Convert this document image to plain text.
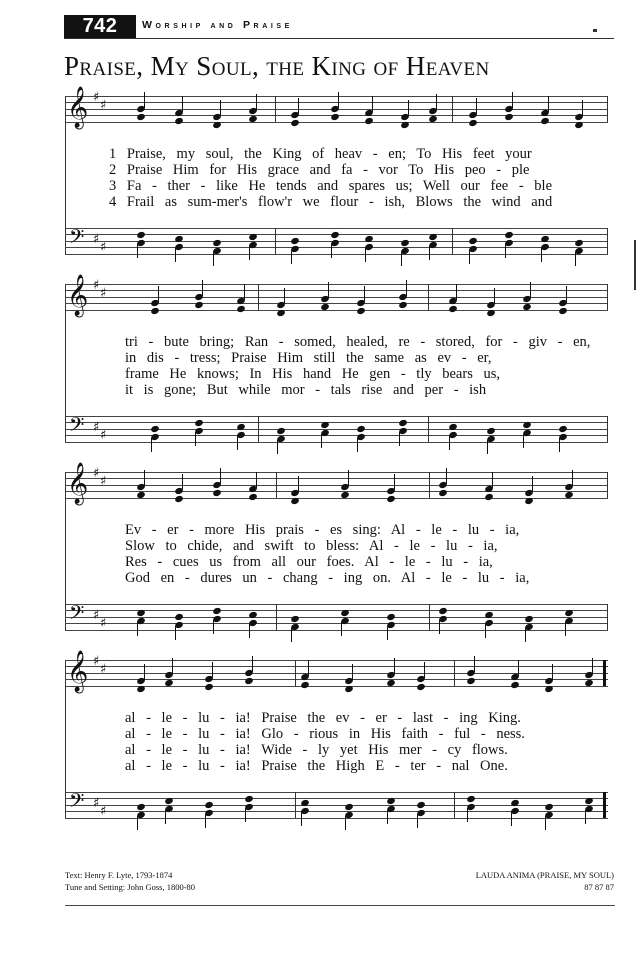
742	Worship and Praise
Praise, My Soul, the King of Heaven
𝄞 ♯
♯
𝄢 ♯
♯
1 Praise, my soul, the King of heav - en; To His feet your
2 Praise Him for His grace and fa - vor To His peo - ple
3 Fa - ther - like He tends and spares us; Well our fee - ble
4 Frail as sum-mer's flow'r we flour - ish, Blows the wind and
𝄞 ♯
♯
𝄢 ♯
♯
tri - bute bring; Ran - somed, healed, re - stored, for - giv - en,
in dis - tress; Praise Him still the same as ev - er,
frame He knows; In His hand He gen - tly bears us,
it is gone; But while mor - tals rise and per - ish
𝄞 ♯
♯
𝄢 ♯
♯
Ev - er - more His prais - es sing: Al - le - lu - ia,
Slow to chide, and swift to bless: Al - le - lu - ia,
Res - cues us from all our foes. Al - le - lu - ia,
God en - dures un - chang - ing on. Al - le - lu - ia,
𝄞 ♯
♯
𝄢 ♯
♯
al - le - lu - ia! Praise the ev - er - last - ing King.
al - le - lu - ia! Glo - rious in His faith - ful - ness.
al - le - lu - ia! Wide - ly yet His mer - cy flows.
al - le - lu - ia! Praise the High E - ter - nal One.
Text: Henry F. Lyte, 1793-1874
Tune and Setting: John Goss, 1800-80
LAUDA ANIMA (PRAISE, MY SOUL)
87 87 87
